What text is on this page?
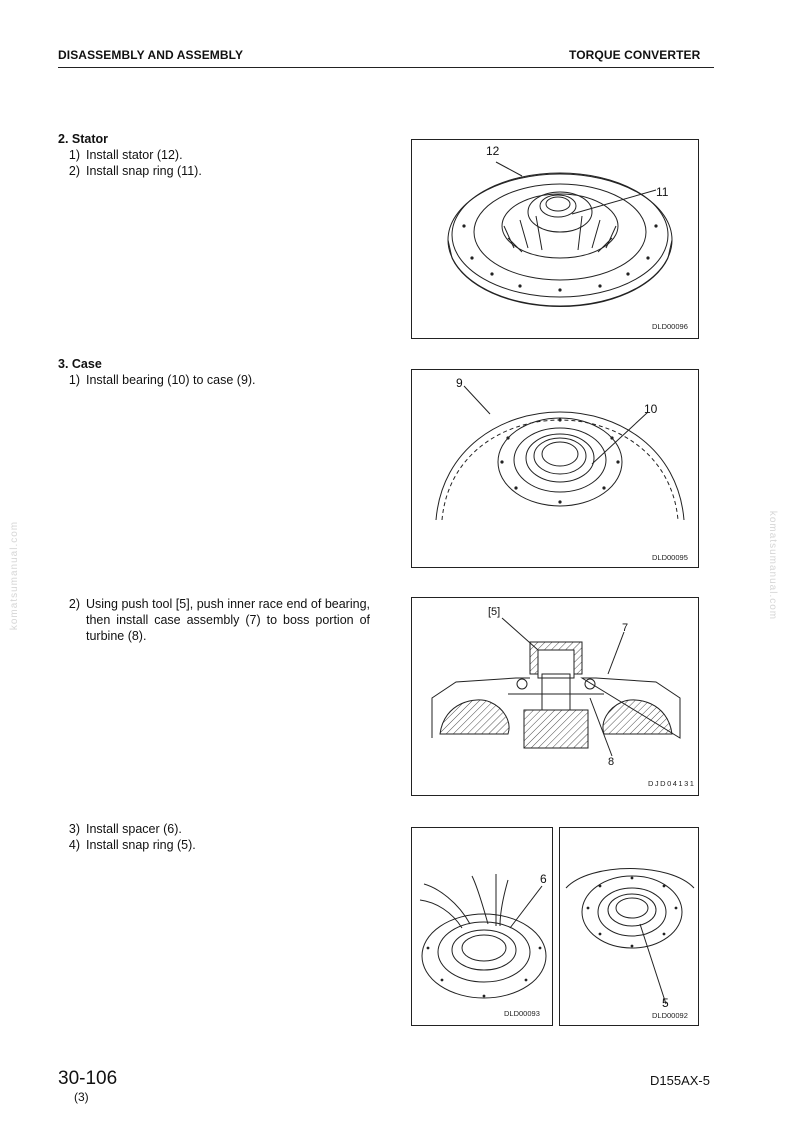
DISASSEMBLY AND ASSEMBLY	TORQUE CONVERTER
komatsumanual.com	komatsumanual.com
2. Stator
1) Install stator (12).
2) Install snap ring (11).
12
11
DLD00096
3. Case
1) Install bearing (10) to case (9).	9
10
DLD00095
2) Using push tool [5], push inner race end of bearing, then install case assembly (7) to boss portion of turbine (8).
[5]
7
8
DJD04131
3) Install spacer (6).
4) Install snap ring (5).
6
DLD00093
5
DLD00092
30-106
(3)
D155AX-5
